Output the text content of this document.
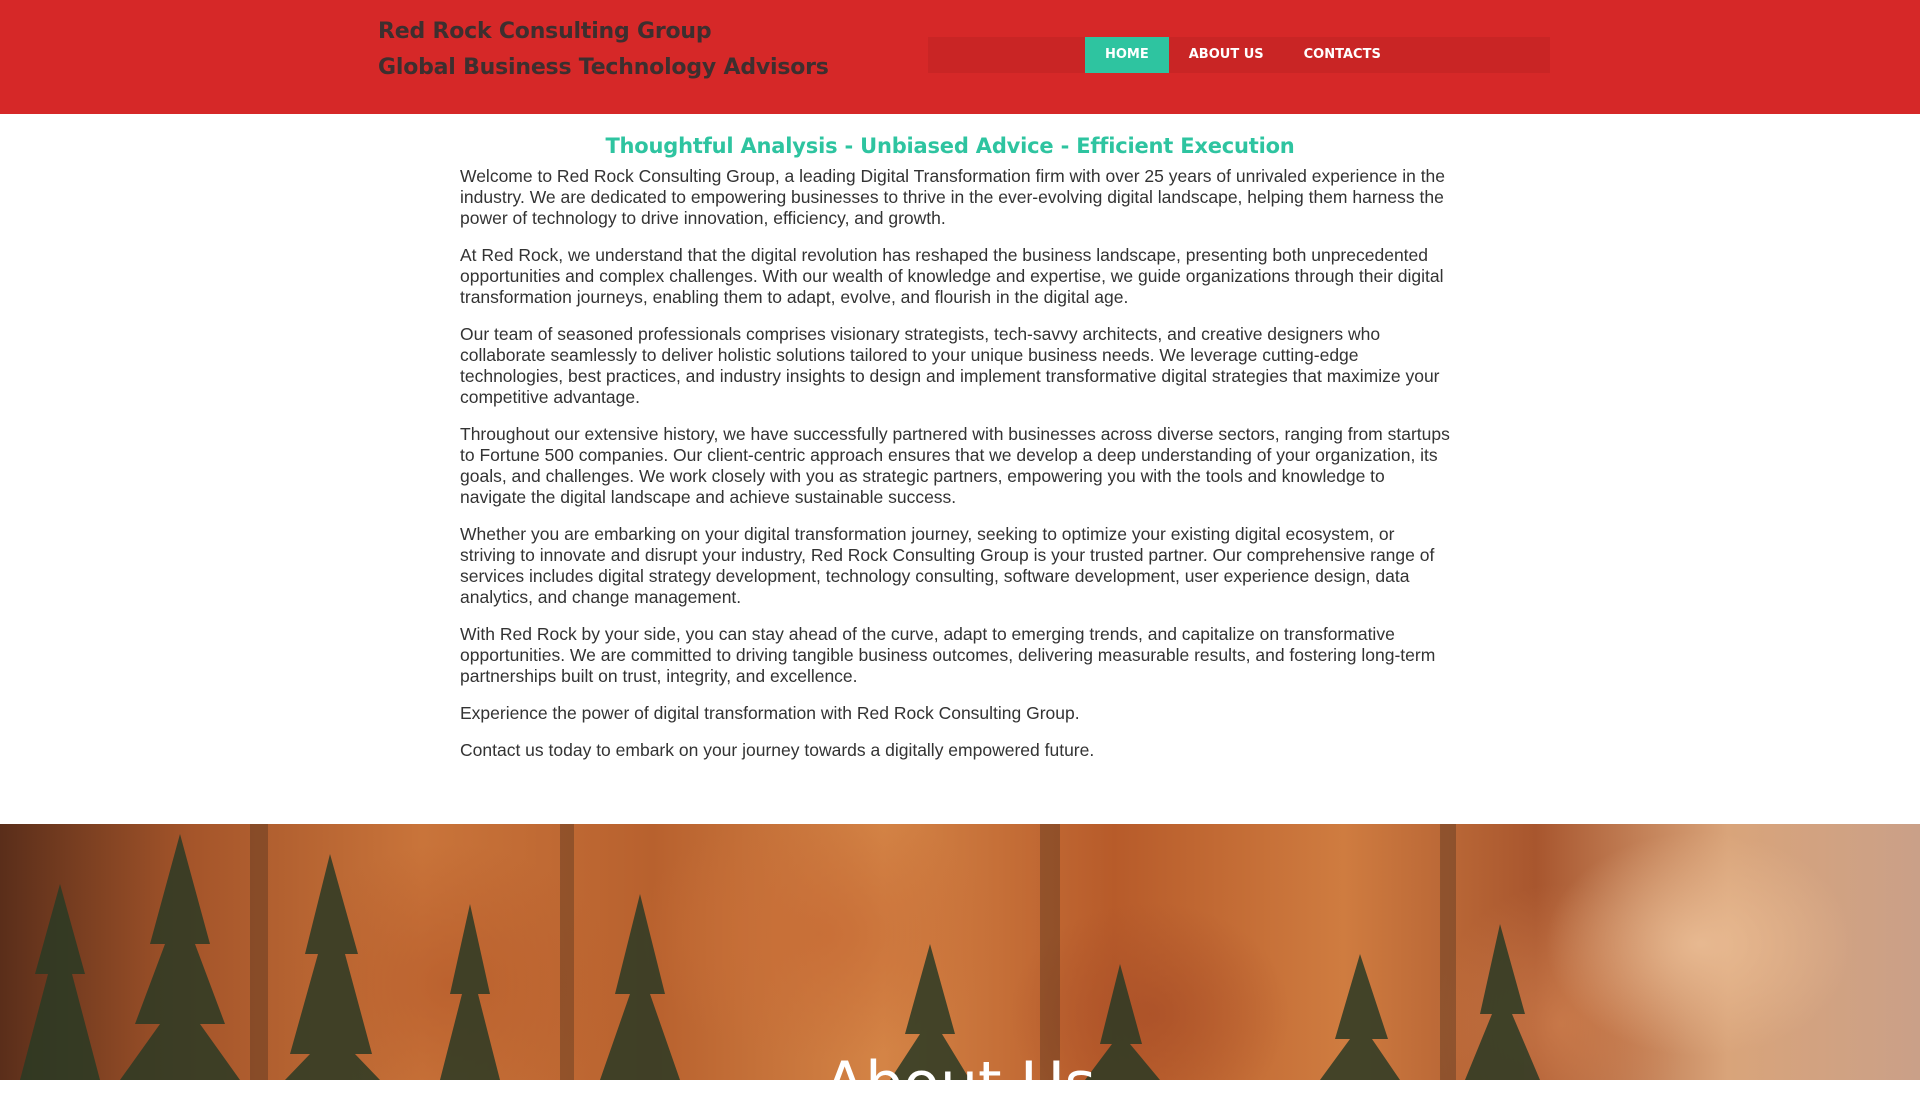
Red Rock Consulting Group
Global Business Technology Advisors
HOME	ABOUT US	CONTACTS
Thoughtful Analysis - Unbiased Advice - Efficient Execution

Welcome to Red Rock Consulting Group, a leading Digital Transformation firm with over 25 years of unrivaled experience in the industry. We are dedicated to empowering businesses to thrive in the ever-evolving digital landscape, helping them harness the power of technology to drive innovation, efficiency, and growth.

At Red Rock, we understand that the digital revolution has reshaped the business landscape, presenting both unprecedented opportunities and complex challenges. With our wealth of knowledge and expertise, we guide organizations through their digital transformation journeys, enabling them to adapt, evolve, and flourish in the digital age.

Our team of seasoned professionals comprises visionary strategists, tech-savvy architects, and creative designers who collaborate seamlessly to deliver holistic solutions tailored to your unique business needs. We leverage cutting-edge technologies, best practices, and industry insights to design and implement transformative digital strategies that maximize your competitive advantage.

Throughout our extensive history, we have successfully partnered with businesses across diverse sectors, ranging from startups to Fortune 500 companies. Our client-centric approach ensures that we develop a deep understanding of your organization, its goals, and challenges. We work closely with you as strategic partners, empowering you with the tools and knowledge to navigate the digital landscape and achieve sustainable success.

Whether you are embarking on your digital transformation journey, seeking to optimize your existing digital ecosystem, or striving to innovate and disrupt your industry, Red Rock Consulting Group is your trusted partner. Our comprehensive range of services includes digital strategy development, technology consulting, software development, user experience design, data analytics, and change management.

With Red Rock by your side, you can stay ahead of the curve, adapt to emerging trends, and capitalize on transformative opportunities. We are committed to driving tangible business outcomes, delivering measurable results, and fostering long-term partnerships built on trust, integrity, and excellence.

Experience the power of digital transformation with Red Rock Consulting Group.

Contact us today to embark on your journey towards a digitally empowered future.

About Us
